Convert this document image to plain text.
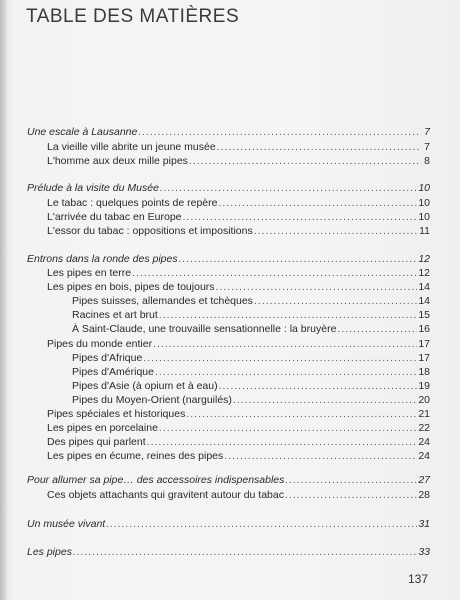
TABLE DES MATIÈRES
Une escale à Lausanne .....	7
La vieille ville abrite un jeune musée .....	7
L'homme aux deux mille pipes .....	8
Prélude à la visite du Musée .....	10
Le tabac : quelques points de repère .....	10
L'arrivée du tabac en Europe .....	10
L'essor du tabac : oppositions et impositions .....	11
Entrons dans la ronde des pipes .....	12
Les pipes en terre .....	12
Les pipes en bois, pipes de toujours .....	14
Pipes suisses, allemandes et tchèques .....	14
Racines et art brut .....	15
À Saint-Claude, une trouvaille sensationnelle : la bruyère .....	16
Pipes du monde entier .....	17
Pipes d'Afrique .....	17
Pipes d'Amérique .....	18
Pipes d'Asie (à opium et à eau) .....	19
Pipes du Moyen-Orient (narguilés) .....	20
Pipes spéciales et historiques .....	21
Les pipes en porcelaine .....	22
Des pipes qui parlent .....	24
Les pipes en écume, reines des pipes .....	24
Pour allumer sa pipe… des accessoires indispensables .....	27
Ces objets attachants qui gravitent autour du tabac .....	28
Un musée vivant .....	31
Les pipes .....	33
137
